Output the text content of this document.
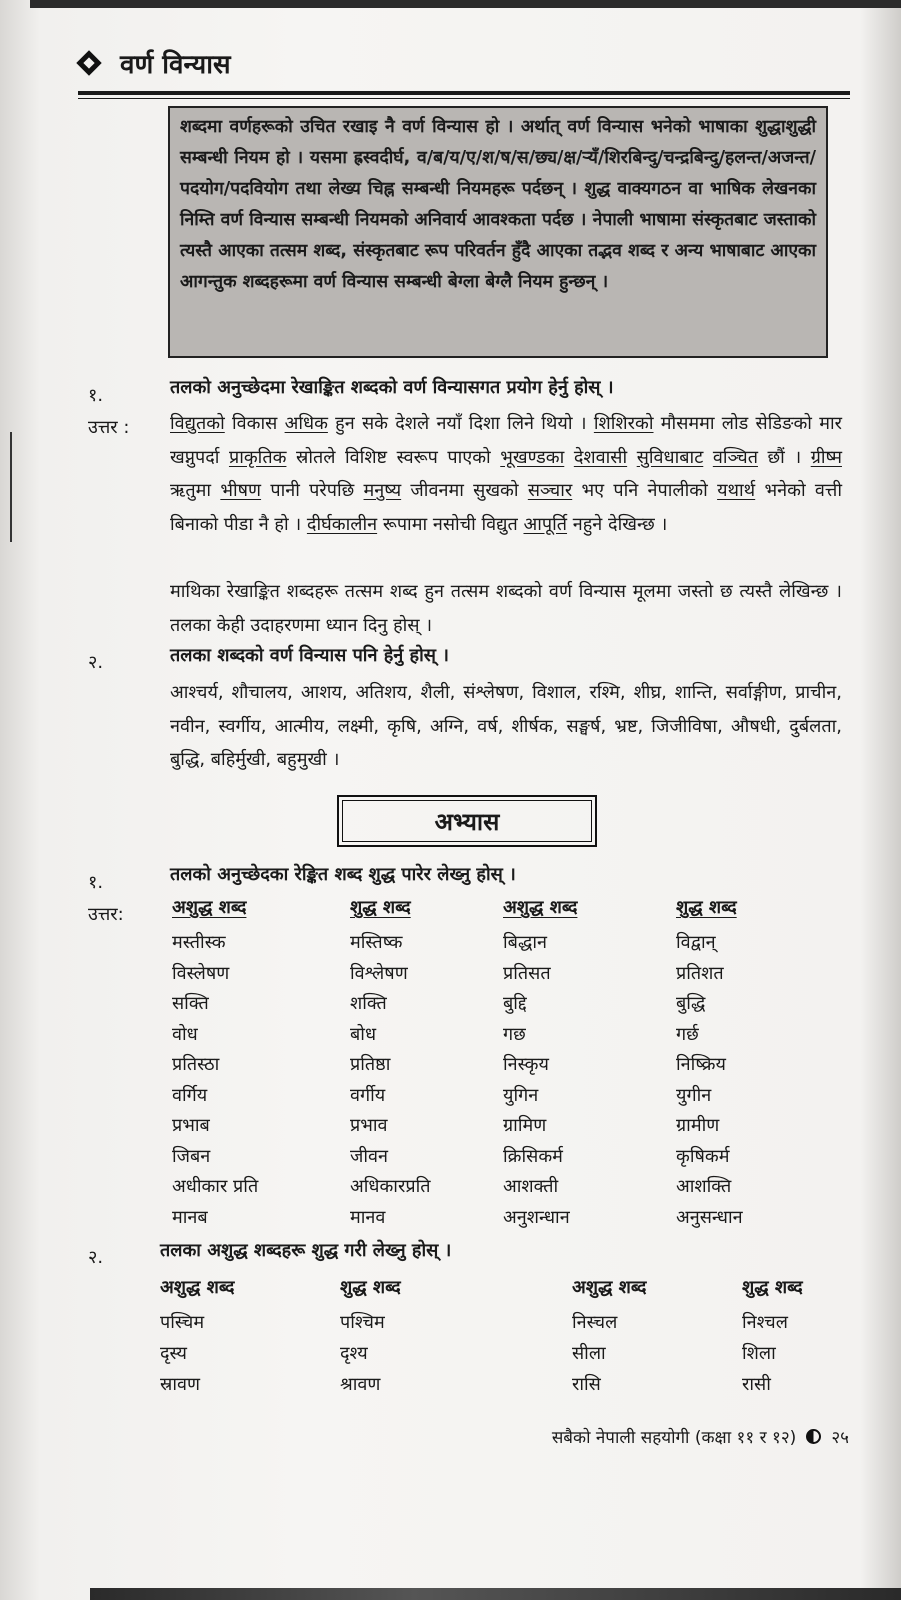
वर्ण विन्यास
शब्दमा वर्णहरूको उचित रखाइ नै वर्ण विन्यास हो । अर्थात् वर्ण विन्यास भनेको भाषाका शुद्धाशुद्धी सम्बन्धी नियम हो । यसमा ह्रस्वदीर्घ, व/ब/य/ए/श/ष/स/छ्य/क्ष/र्‍यँ/शिरबिन्दु/चन्द्रबिन्दु/हलन्त/अजन्त/पदयोग/पदवियोग तथा लेख्य चिह्न सम्बन्धी नियमहरू पर्दछन् । शुद्ध वाक्यगठन वा भाषिक लेखनका निम्ति वर्ण विन्यास सम्बन्धी नियमको अनिवार्य आवश्कता पर्दछ । नेपाली भाषामा संस्कृतबाट जस्ताको त्यस्तै आएका तत्सम शब्द, संस्कृतबाट रूप परिवर्तन हुँदै आएका तद्भव शब्द र अन्य भाषाबाट आएका आगन्तुक शब्दहरूमा वर्ण विन्यास सम्बन्धी बेग्ला बेग्लै नियम हुन्छन् ।
१.	तलको अनुच्छेदमा रेखाङ्कित शब्दको वर्ण विन्यासगत प्रयोग हेर्नु होस् ।
उत्तर : विद्युतको विकास अधिक हुन सके देशले नयाँ दिशा लिने थियो । शिशिरको मौसममा लोड सेडिङको मार खप्नुपर्दा प्राकृतिक स्रोतले विशिष्ट स्वरूप पाएको भूखण्डका देशवासी सुविधाबाट वञ्चित छौं । ग्रीष्म ऋतुमा भीषण पानी परेपछि मनुष्य जीवनमा सुखको सञ्चार भए पनि नेपालीको यथार्थ भनेको वत्ती बिनाको पीडा नै हो । दीर्घकालीन रूपामा नसोची विद्युत आपूर्ति नहुने देखिन्छ ।
माथिका रेखाङ्कित शब्दहरू तत्सम शब्द हुन तत्सम शब्दको वर्ण विन्यास मूलमा जस्तो छ त्यस्तै लेखिन्छ । तलका केही उदाहरणमा ध्यान दिनु होस् ।
२.	तलका शब्दको वर्ण विन्यास पनि हेर्नु होस् ।
आश्चर्य, शौचालय, आशय, अतिशय, शैली, संश्लेषण, विशाल, रश्मि, शीघ्र, शान्ति, सर्वाङ्गीण, प्राचीन, नवीन, स्वर्गीय, आत्मीय, लक्ष्मी, कृषि, अग्नि, वर्ष, शीर्षक, सङ्घर्ष, भ्रष्ट, जिजीविषा, औषधी, दुर्बलता, बुद्धि, बहिर्मुखी, बहुमुखी ।
अभ्यास
१.	तलको अनुच्छेदका रेङ्कित शब्द शुद्ध पारेर लेख्नु होस् ।
उत्तर:	अशुद्ध शब्द	शुद्ध शब्द	अशुद्ध शब्द	शुद्ध शब्द
मस्तीस्क	मस्तिष्क	बिद्धान	विद्वान्
विस्लेषण	विश्लेषण	प्रतिसत	प्रतिशत
सक्ति	शक्ति	बुद्दि	बुद्धि
वोध	बोध	गछ	गर्छ
प्रतिस्ठा	प्रतिष्ठा	निस्कृय	निष्क्रिय
वर्गिय	वर्गीय	युगिन	युगीन
प्रभाब	प्रभाव	ग्रामिण	ग्रामीण
जिबन	जीवन	क्रिसिकर्म	कृषिकर्म
अधीकार प्रति	अधिकारप्रति	आशक्ती	आशक्ति
मानब	मानव	अनुशन्धान	अनुसन्धान
२.	तलका अशुद्ध शब्दहरू शुद्ध गरी लेख्नु होस् ।
अशुद्ध शब्द	शुद्ध शब्द	अशुद्ध शब्द	शुद्ध शब्द
पस्चिम	पश्चिम	निस्चल	निश्चल
दृस्य	दृश्य	सीला	शिला
स्रावण	श्रावण	रासि	रासी
सबैको नेपाली सहयोगी (कक्षा ११ र १२) २५
